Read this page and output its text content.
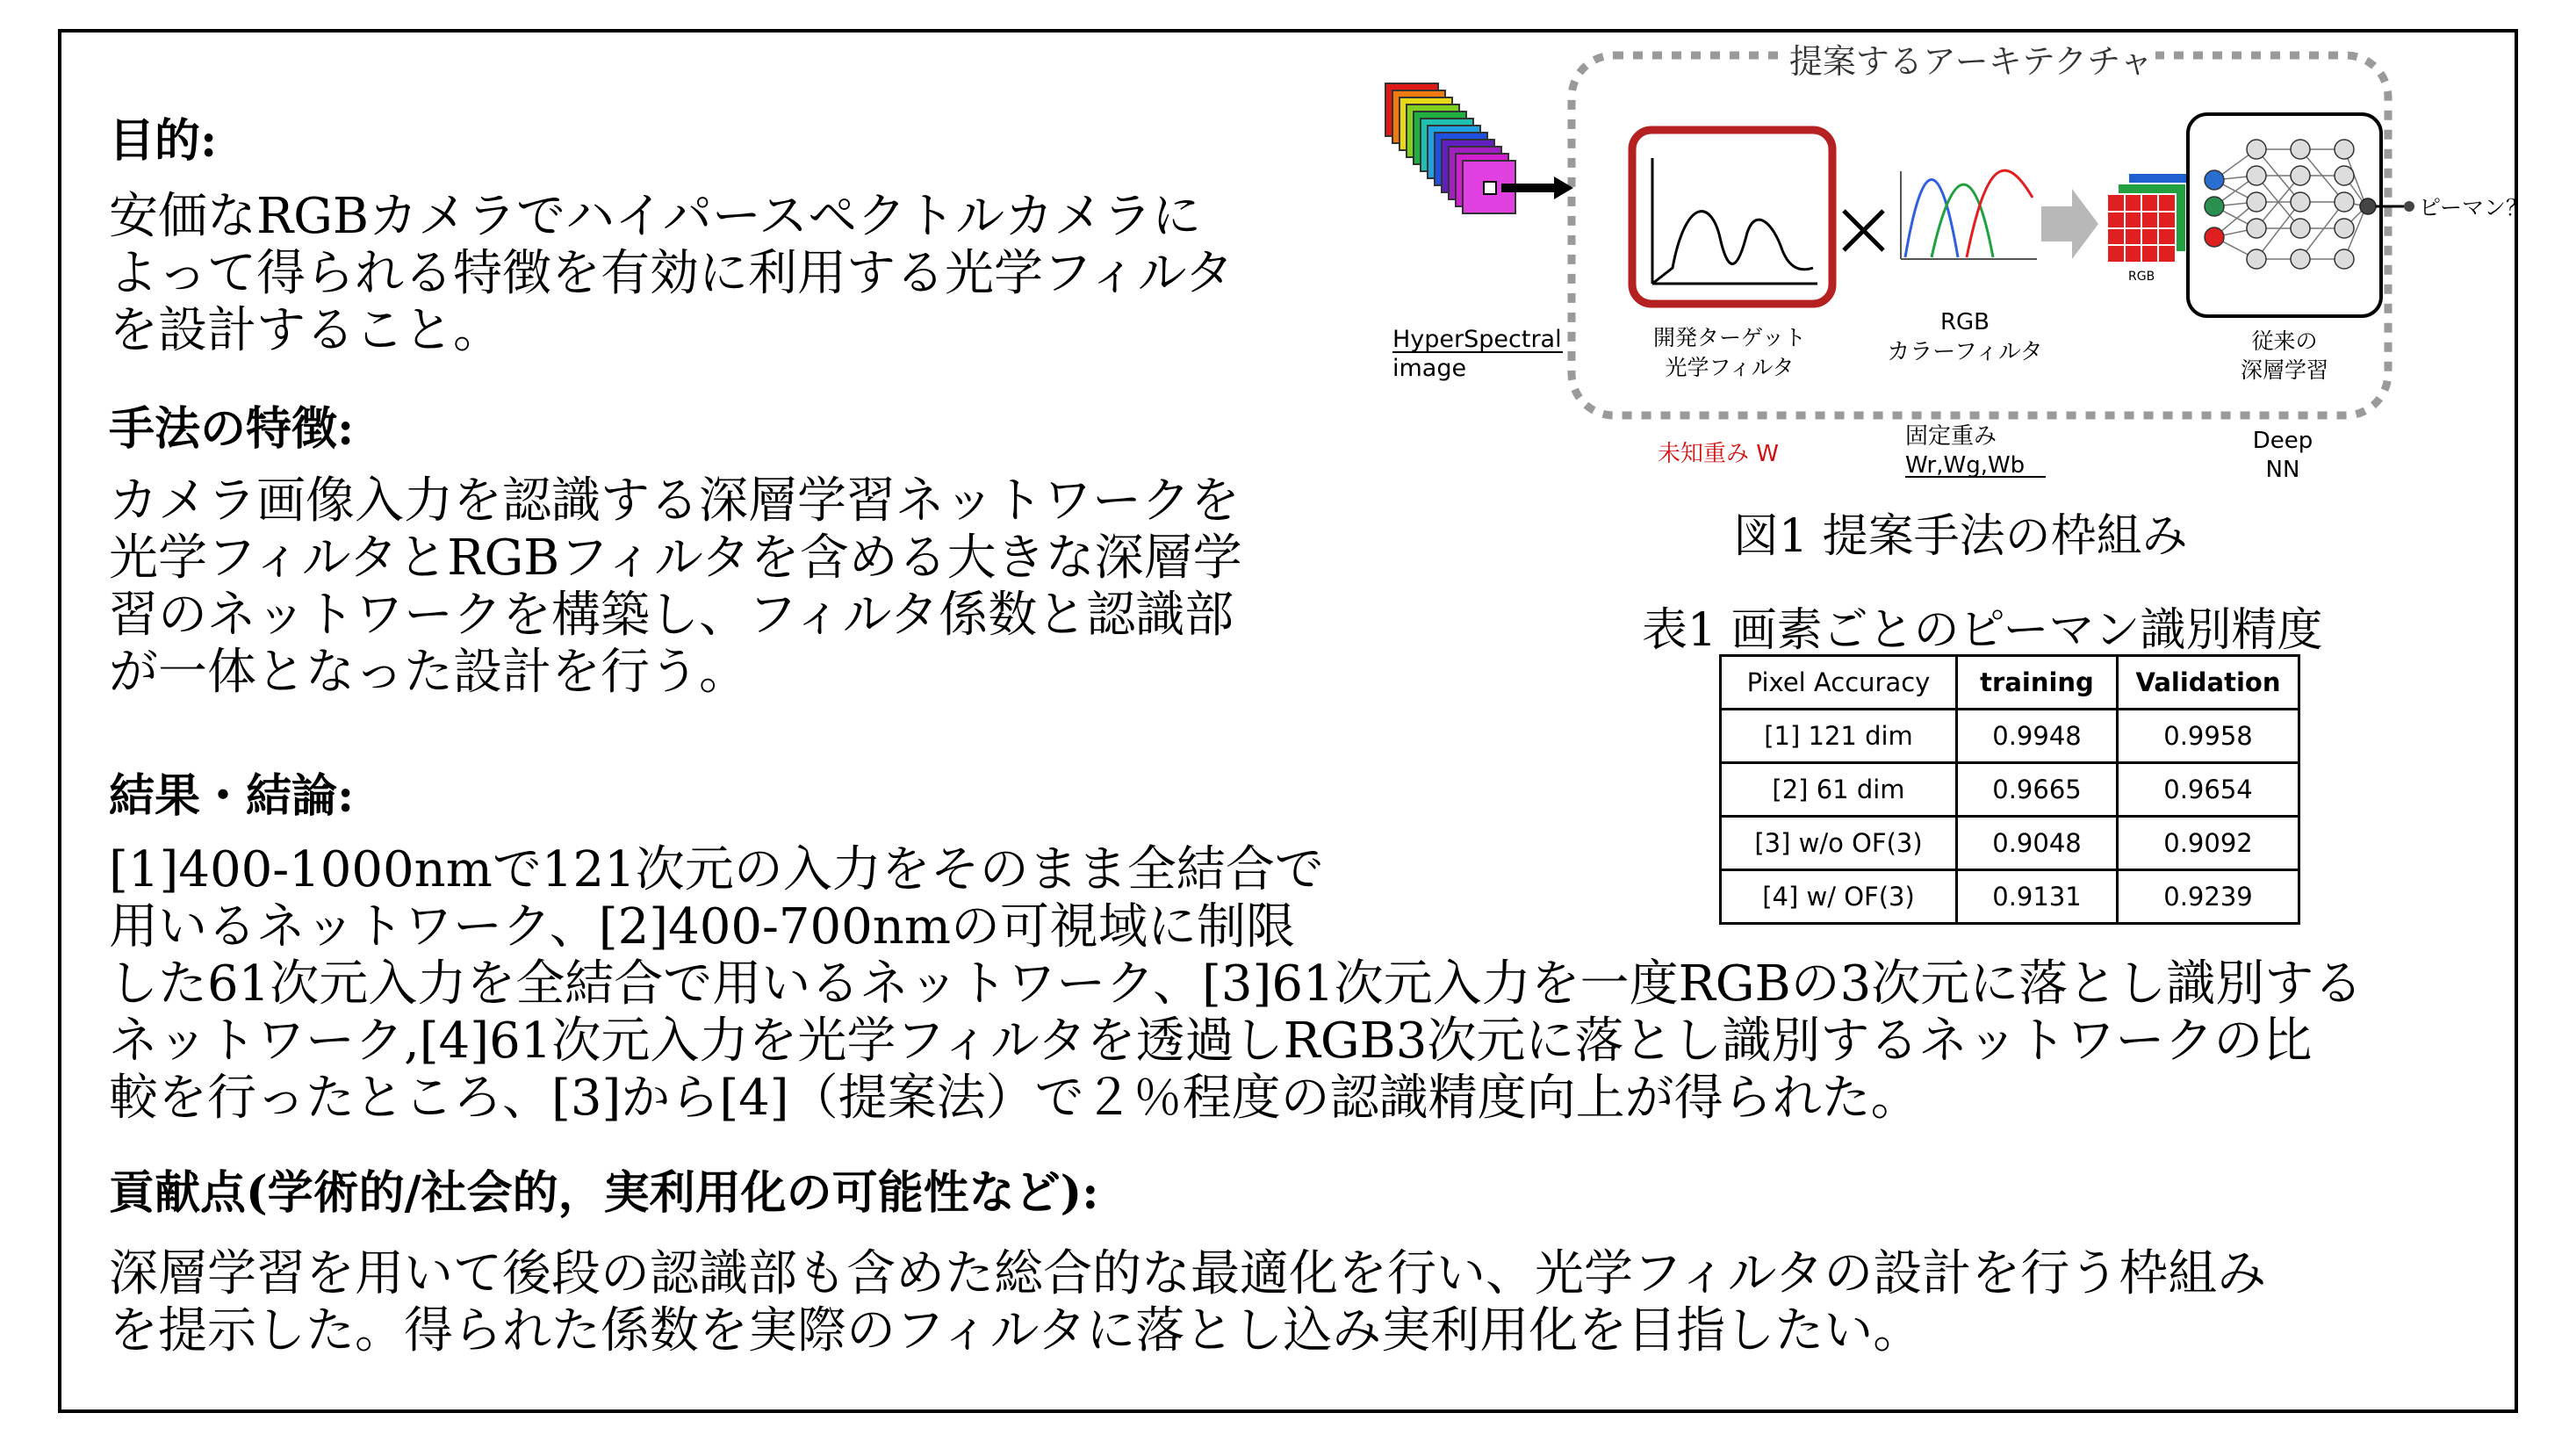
目的:
安価なRGBカメラでハイパースペクトルカメラに
よって得られる特徴を有効に利用する光学フィルタ
を設計すること。
手法の特徴:
カメラ画像入力を認識する深層学習ネットワークを
光学フィルタとRGBフィルタを含める大きな深層学
習のネットワークを構築し、フィルタ係数と認識部
が一体となった設計を行う。
結果・結論:
[1]400-1000nmで121次元の入力をそのまま全結合で
用いるネットワーク、[2]400-700nmの可視域に制限
した61次元入力を全結合で用いるネットワーク、[3]61次元入力を一度RGBの3次元に落とし識別する
ネットワーク,[4]61次元入力を光学フィルタを透過しRGB3次元に落とし識別するネットワークの比
較を行ったところ、[3]から[4]（提案法）で２％程度の認識精度向上が得られた。
貢献点(学術的/社会的，実利用化の可能性など):
深層学習を用いて後段の認識部も含めた総合的な最適化を行い、光学フィルタの設計を行う枠組み
を提示した。得られた係数を実際のフィルタに落とし込み実利用化を目指したい。
提案するアーキテクチャ
HyperSpectral
image
開発ターゲット
光学フィルタ
未知重み W
RGB
カラーフィルタ
固定重み
Wr,Wg,Wb
RGB
ピーマン？
従来の
深層学習
Deep
NN
図1 提案手法の枠組み
表1 画素ごとのピーマン識別精度
Pixel Accuracy	training	Validation
[1] 121 dim	0.9948	0.9958
[2] 61 dim	0.9665	0.9654
[3] w/o OF(3)	0.9048	0.9092
[4] w/ OF(3)	0.9131	0.9239
